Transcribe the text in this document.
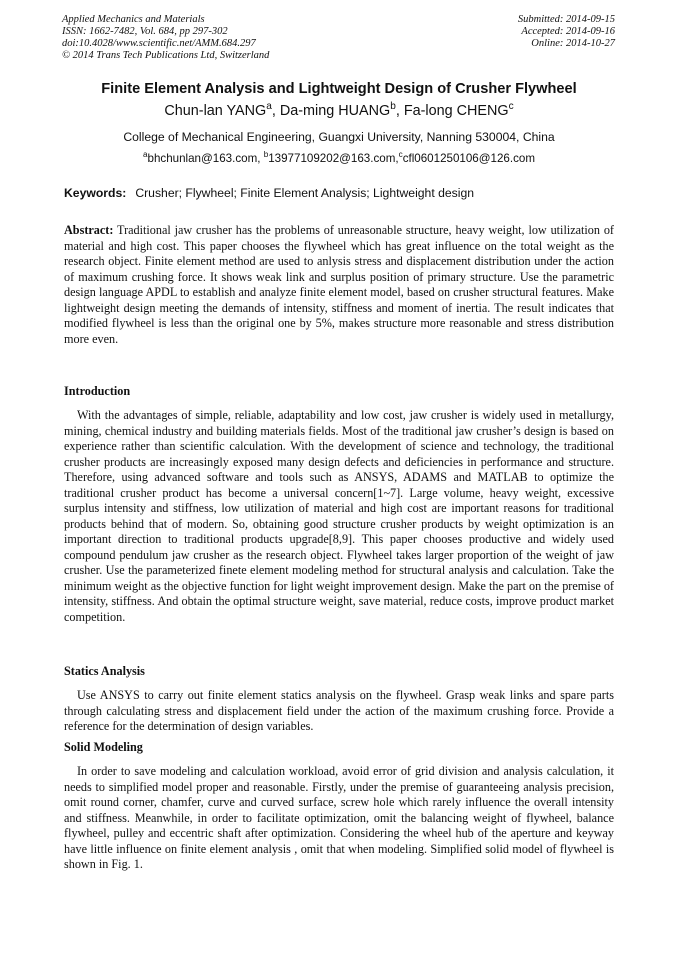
Applied Mechanics and Materials
ISSN: 1662-7482, Vol. 684, pp 297-302
doi:10.4028/www.scientific.net/AMM.684.297
© 2014 Trans Tech Publications Ltd, Switzerland
Submitted: 2014-09-15
Accepted: 2014-09-16
Online: 2014-10-27
Finite Element Analysis and Lightweight Design of Crusher Flywheel
Chun-lan YANG$^a$, Da-ming HUANG$^b$, Fa-long CHENG$^c$
College of Mechanical Engineering, Guangxi University, Nanning 530004, China
$^a$bhchunlan@163.com, $^b$13977109202@163.com,$^c$cfl0601250106@126.com
Keywords: Crusher; Flywheel; Finite Element Analysis; Lightweight design
Abstract: Traditional jaw crusher has the problems of unreasonable structure, heavy weight, low utilization of material and high cost. This paper chooses the flywheel which has great influence on the total weight as the research object. Finite element method are used to anlysis stress and displacement distribution under the action of maximum crushing force. It shows weak link and surplus position of primary structure. Use the parametric design language APDL to establish and analyze finite element model, based on crusher structural features. Make lightweight design meeting the demands of intensity, stiffness and moment of inertia. The result indicates that modified flywheel is less than the original one by 5%, makes structure more reasonable and stress distribution more even.
Introduction
With the advantages of simple, reliable, adaptability and low cost, jaw crusher is widely used in metallurgy, mining, chemical industry and building materials fields. Most of the traditional jaw crusher’s design is based on experience rather than scientific calculation. With the development of science and technology, the traditional crusher products are increasingly exposed many design defects and deficiencies in performance and structure. Therefore, using advanced software and tools such as ANSYS, ADAMS and MATLAB to optimize the traditional crusher product has become a universal concern[1~7]. Large volume, heavy weight, excessive surplus intensity and stiffness, low utilization of material and high cost are important reasons for traditional products behind that of modern. So, obtaining good structure crusher products by weight optimization is an important direction to traditional products upgrade[8,9]. This paper chooses productive and widely used compound pendulum jaw crusher as the research object. Flywheel takes larger proportion of the weight of jaw crusher. Use the parameterized finete element modeling method for structural analysis and calculation. Take the minimum weight as the objective function for light weight improvement design. Make the part on the premise of intensity, stiffness. And obtain the optimal structure weight, save material, reduce costs, improve product market competition.
Statics Analysis
Use ANSYS to carry out finite element statics analysis on the flywheel. Grasp weak links and spare parts through calculating stress and displacement field under the action of the maximum crushing force. Provide a reference for the determination of design variables.
Solid Modeling
In order to save modeling and calculation workload, avoid error of grid division and analysis calculation, it needs to simplified model proper and reasonable. Firstly, under the premise of guaranteeing analysis precision, omit round corner, chamfer, curve and curved surface, screw hole which rarely influence the overall intensity and stiffness. Meanwhile, in order to facilitate optimization, omit the balancing weight of flywheel, balance flywheel, pulley and eccentric shaft after optimization. Considering the wheel hub of the aperture and keyway have little influence on finite element analysis , omit that when modeling. Simplified solid model of flywheel is shown in Fig. 1.
